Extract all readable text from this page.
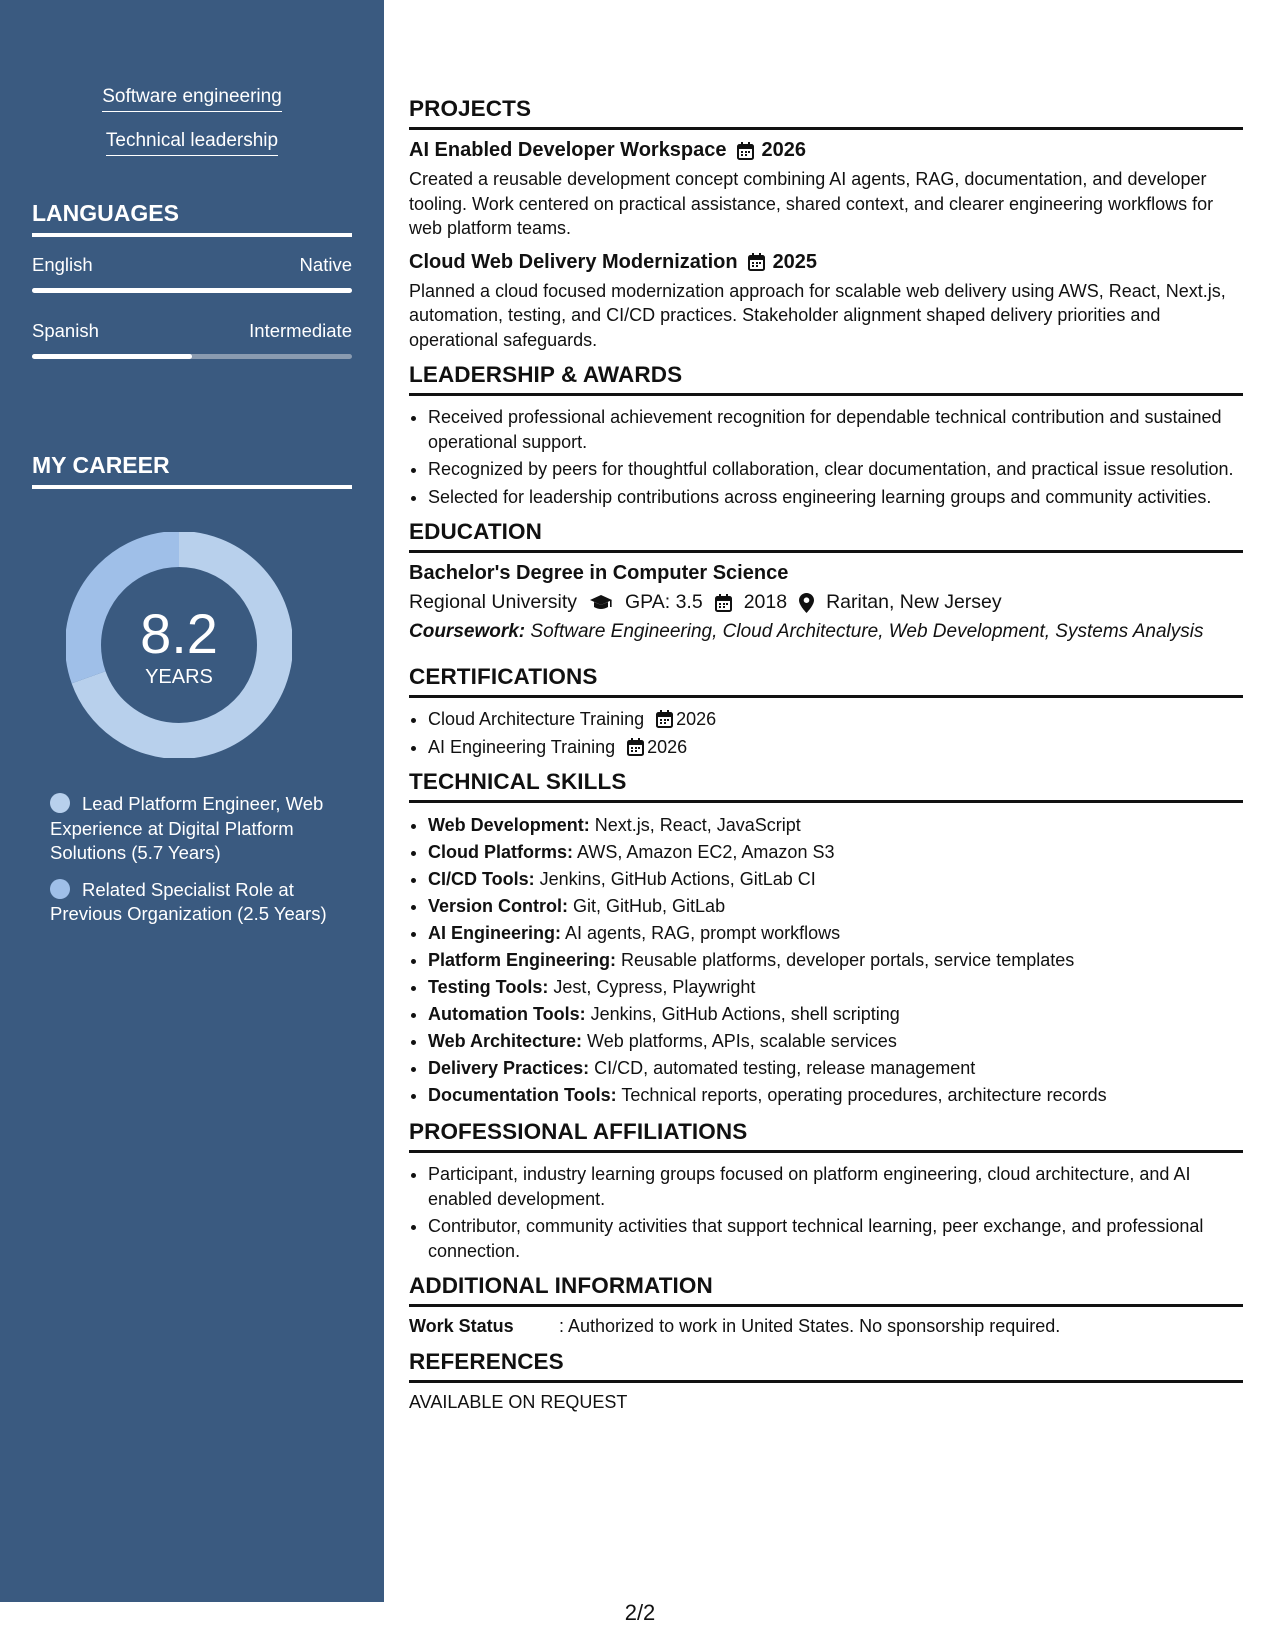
Software engineering
Technical leadership
LANGUAGES
English	Native
Spanish	Intermediate
MY CAREER
8.2
YEARS
Lead Platform Engineer, Web Experience at Digital Platform Solutions (5.7 Years)
Related Specialist Role at Previous Organization (2.5 Years)
PROJECTS
AI Enabled Developer Workspace 2026
Created a reusable development concept combining AI agents, RAG, documentation, and developer tooling. Work centered on practical assistance, shared context, and clearer engineering workflows for web platform teams.
Cloud Web Delivery Modernization 2025
Planned a cloud focused modernization approach for scalable web delivery using AWS, React, Next.js, automation, testing, and CI/CD practices. Stakeholder alignment shaped delivery priorities and operational safeguards.
LEADERSHIP & AWARDS
• Received professional achievement recognition for dependable technical contribution and sustained operational support.
• Recognized by peers for thoughtful collaboration, clear documentation, and practical issue resolution.
• Selected for leadership contributions across engineering learning groups and community activities.
EDUCATION
Bachelor's Degree in Computer Science
Regional University GPA: 3.5 2018 Raritan, New Jersey
Coursework: Software Engineering, Cloud Architecture, Web Development, Systems Analysis
CERTIFICATIONS
• Cloud Architecture Training 2026
• AI Engineering Training 2026
TECHNICAL SKILLS
• Web Development: Next.js, React, JavaScript
• Cloud Platforms: AWS, Amazon EC2, Amazon S3
• CI/CD Tools: Jenkins, GitHub Actions, GitLab CI
• Version Control: Git, GitHub, GitLab
• AI Engineering: AI agents, RAG, prompt workflows
• Platform Engineering: Reusable platforms, developer portals, service templates
• Testing Tools: Jest, Cypress, Playwright
• Automation Tools: Jenkins, GitHub Actions, shell scripting
• Web Architecture: Web platforms, APIs, scalable services
• Delivery Practices: CI/CD, automated testing, release management
• Documentation Tools: Technical reports, operating procedures, architecture records
PROFESSIONAL AFFILIATIONS
• Participant, industry learning groups focused on platform engineering, cloud architecture, and AI enabled development.
• Contributor, community activities that support technical learning, peer exchange, and professional connection.
ADDITIONAL INFORMATION
Work Status	: Authorized to work in United States. No sponsorship required.
REFERENCES
AVAILABLE ON REQUEST
2/2
